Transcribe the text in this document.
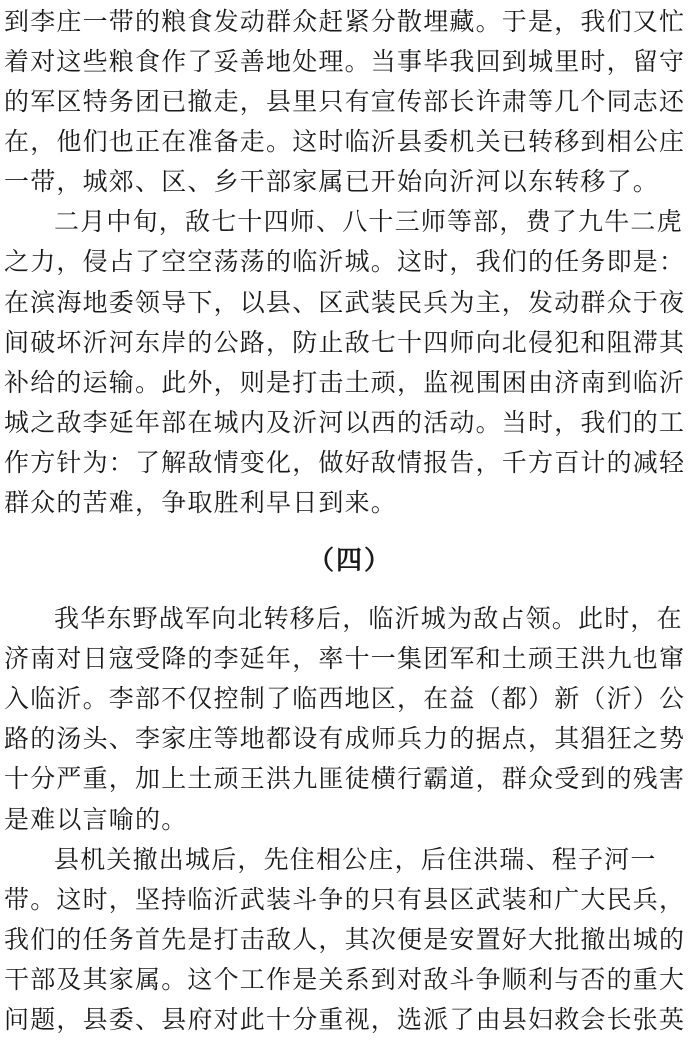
到李庄一带的粮食发动群众赶紧分散埋藏。于是，我们又忙
着对这些粮食作了妥善地处理。当事毕我回到城里时，留守
的军区特务团已撤走，县里只有宣传部长许肃等几个同志还
在，他们也正在准备走。这时临沂县委机关已转移到相公庄
一带，城郊、区、乡干部家属已开始向沂河以东转移了。
二月中旬，敌七十四师、八十三师等部，费了九牛二虎
之力，侵占了空空荡荡的临沂城。这时，我们的任务即是：
在滨海地委领导下，以县、区武装民兵为主，发动群众于夜
间破坏沂河东岸的公路，防止敌七十四师向北侵犯和阻滞其
补给的运输。此外，则是打击土顽，监视围困由济南到临沂
城之敌李延年部在城内及沂河以西的活动。当时，我们的工
作方针为：了解敌情变化，做好敌情报告，千方百计的减轻
群众的苦难，争取胜利早日到来。
（四）
我华东野战军向北转移后，临沂城为敌占领。此时，在
济南对日寇受降的李延年，率十一集团军和土顽王洪九也窜
入临沂。李部不仅控制了临西地区，在益（都）新（沂）公
路的汤头、李家庄等地都设有成师兵力的据点，其猖狂之势
十分严重，加上土顽王洪九匪徒横行霸道，群众受到的残害
是难以言喻的。
县机关撤出城后，先住相公庄，后住洪瑞、程子河一
带。这时，坚持临沂武装斗争的只有县区武装和广大民兵，
我们的任务首先是打击敌人，其次便是安置好大批撤出城的
干部及其家属。这个工作是关系到对敌斗争顺利与否的重大
问题，县委、县府对此十分重视，选派了由县妇救会长张英
